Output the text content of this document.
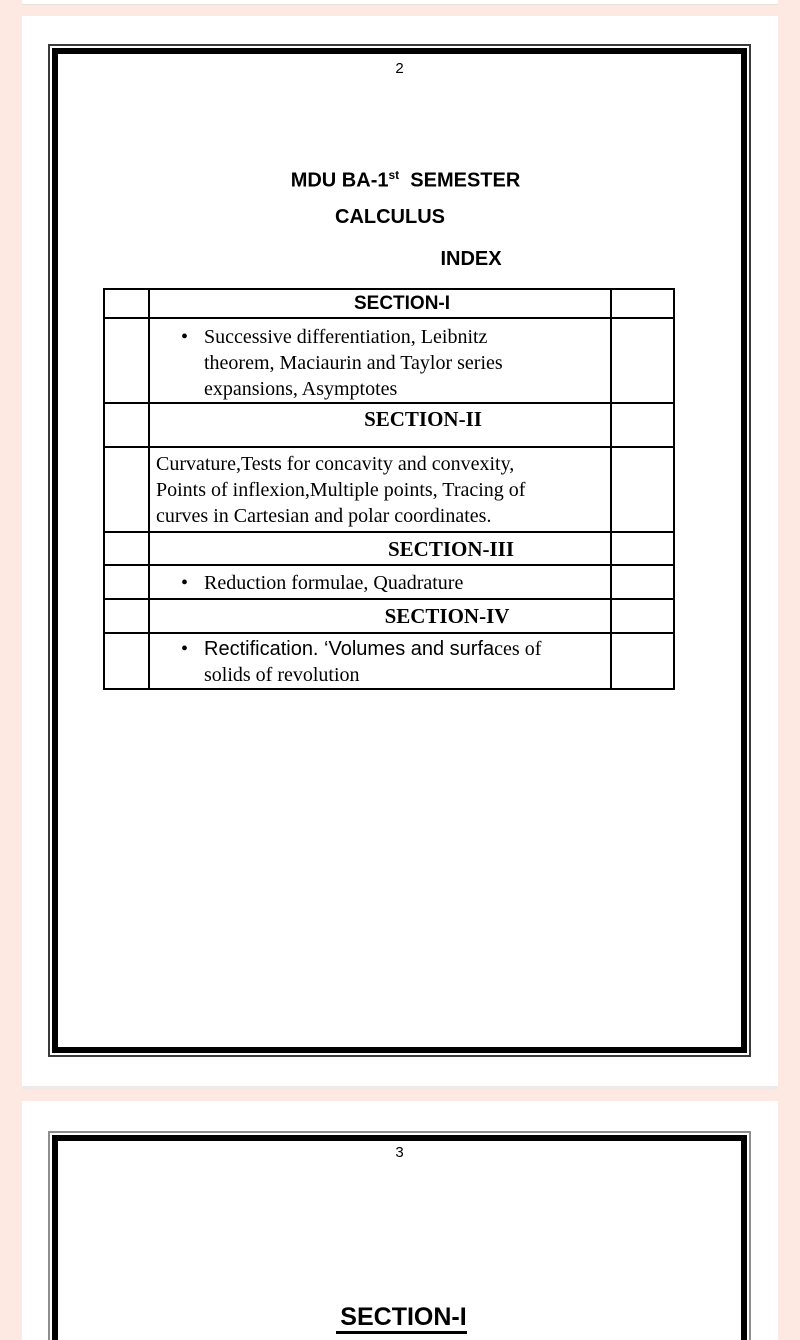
2
MDU BA-1st  SEMESTER
CALCULUS
INDEX
	SECTION-I	

	• Successive differentiation, Leibnitz
theorem, Maciaurin and Taylor series
expansions, Asymptotes	

	SECTION-II	

	Curvature,Tests for concavity and convexity,
Points of inflexion,Multiple points, Tracing of
curves in Cartesian and polar coordinates.	

	SECTION-III	

	• Reduction formulae, Quadrature	

	SECTION-IV	

	• Rectification. ‘Volumes and surfaces of
solids of revolution	

3
SECTION-I
